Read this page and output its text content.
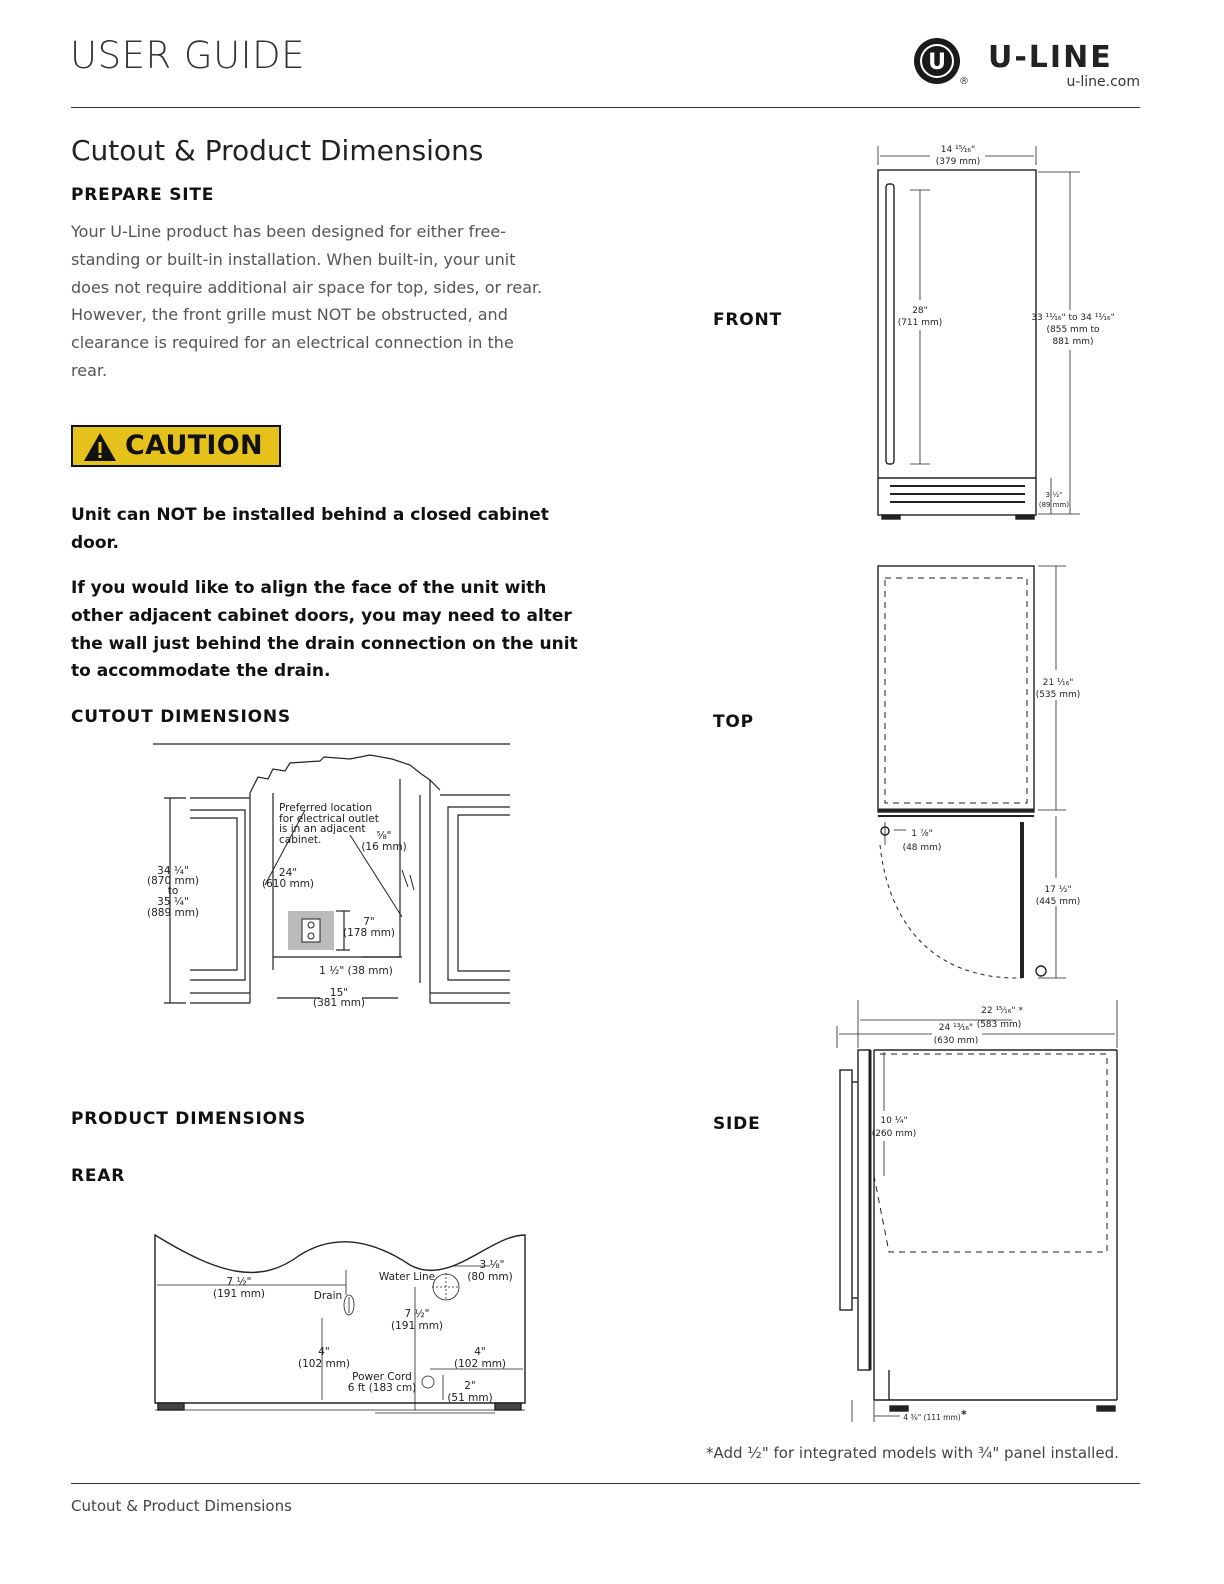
USER GUIDE	U
®
U-LINE
u-line.com
Cutout & Product Dimensions
PREPARE SITE
Your U-Line product has been designed for either free-standing or built-in installation. When built-in, your unit does not require additional air space for top, sides, or rear. However, the front grille must NOT be obstructed, and clearance is required for an electrical connection in the rear.
CAUTION
Unit can NOT be installed behind a closed cabinet door.
If you would like to align the face of the unit with other adjacent cabinet doors, you may need to alter the wall just behind the drain connection on the unit to accommodate the drain.
CUTOUT DIMENSIONS
Preferred location
for electrical outlet
is in an adjacent
cabinet.
34 ¹⁄₄"
(870 mm)
to
35 ¹⁄₄"
(889 mm)
24"
(610 mm)
⁵⁄₈"
(16 mm)
7"
(178 mm)
1 ¹⁄₂" (38 mm)
15"
(381 mm)
PRODUCT DIMENSIONS
REAR
7 ½"
(191 mm)	Drain
Water Line
3 ⅛"
(80 mm)
7 ½"
(191 mm)
4"
(102 mm)
4"
(102 mm)
Power Cord
6 ft (183 cm)	2"
(51 mm)
FRONT
TOP
SIDE
14 ¹⁵⁄₁₆"
(379 mm)
28"
(711 mm)	33 ¹¹⁄₁₆" to 34 ¹¹⁄₁₆"
(855 mm to
881 mm)
3 ½"
(89 mm)
21 ¹⁄₁₆"
(535 mm)
1 ⅞"
(48 mm)
17 ½"
(445 mm)
22 ¹⁵⁄₁₆" *
(583 mm)
24 ¹³⁄₁₆"
(630 mm)
10 ¼"
(260 mm)
4 ⅜" (111 mm) *
*Add ½" for integrated models with ¾" panel installed.
Cutout & Product Dimensions
